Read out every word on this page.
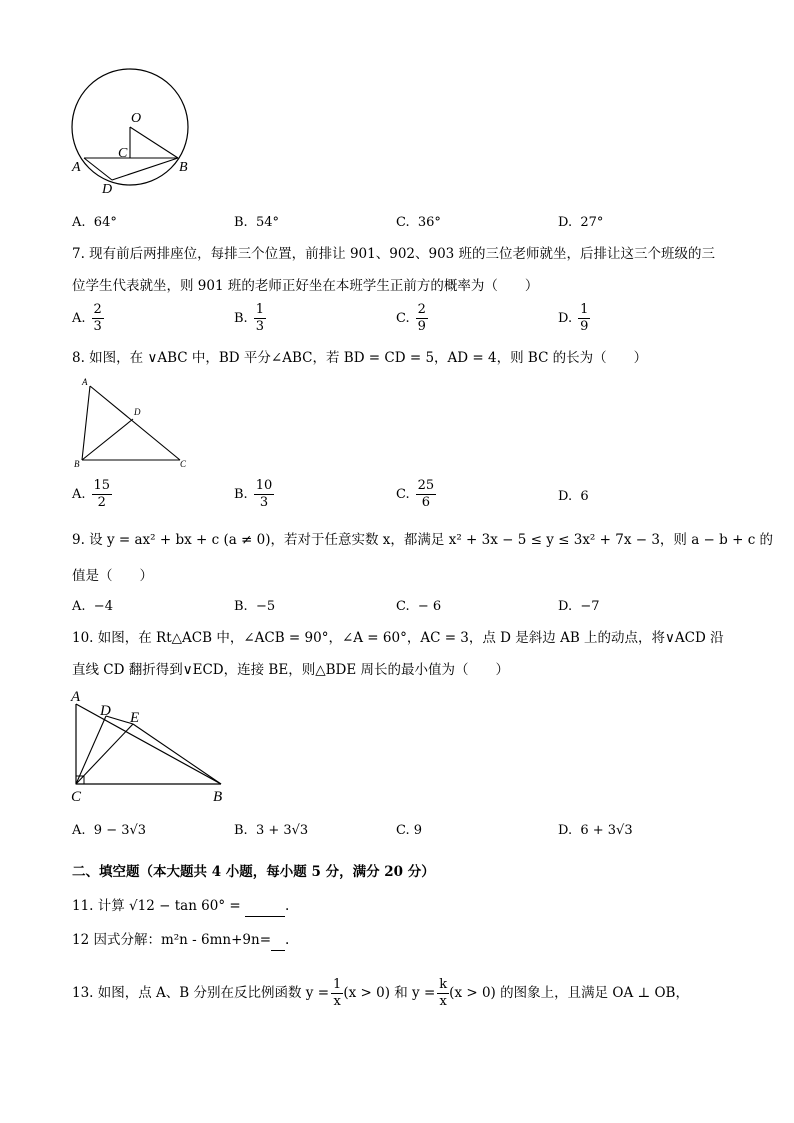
O
C
A	B
D
A. 64°	B. 54°	C. 36°	D. 27°
7. 现有前后两排座位，每排三个位置，前排让 901、902、903 班的三位老师就坐，后排让这三个班级的三
位学生代表就坐，则 901 班的老师正好坐在本班学生正前方的概率为（　　）
A. $\frac{2}{3}$	B. $\frac{1}{3}$	C. $\frac{2}{9}$	D. $\frac{1}{9}$
8. 如图，在 ∨ABC 中，BD 平分∠ABC，若 BD = CD = 5，AD = 4，则 BC 的长为（　　）
A
D
B	C
A. $\frac{15}{2}$	B. $\frac{10}{3}$	C. $\frac{25}{6}$	D. 6
9. 设 y = ax² + bx + c (a ≠ 0)，若对于任意实数 x，都满足 x² + 3x − 5 ≤ y ≤ 3x² + 7x − 3，则 a − b + c 的
值是（　　）
A. −4	B. −5	C. − 6	D. −7
10. 如图，在 Rt△ACB 中，∠ACB = 90°，∠A = 60°，AC = 3，点 D 是斜边 AB 上的动点，将∨ACD 沿
直线 CD 翻折得到∨ECD，连接 BE，则△BDE 周长的最小值为（　　）
A
D E
C	B
A. 9 − 3√3	B. 3 + 3√3	C. 9	D. 6 + 3√3
二、填空题（本大题共 4 小题，每小题 5 分，满分 20 分）
11. 计算 √12 − tan 60° =	.
12 因式分解：m²n - 6mn+9n= .
13. 如图，点 A、B 分别在反比例函数 $y = \frac{1}{x} (x > 0)$ 和 $y = \frac{k}{x} (x > 0)$ 的图象上，且满足 OA ⊥ OB，
